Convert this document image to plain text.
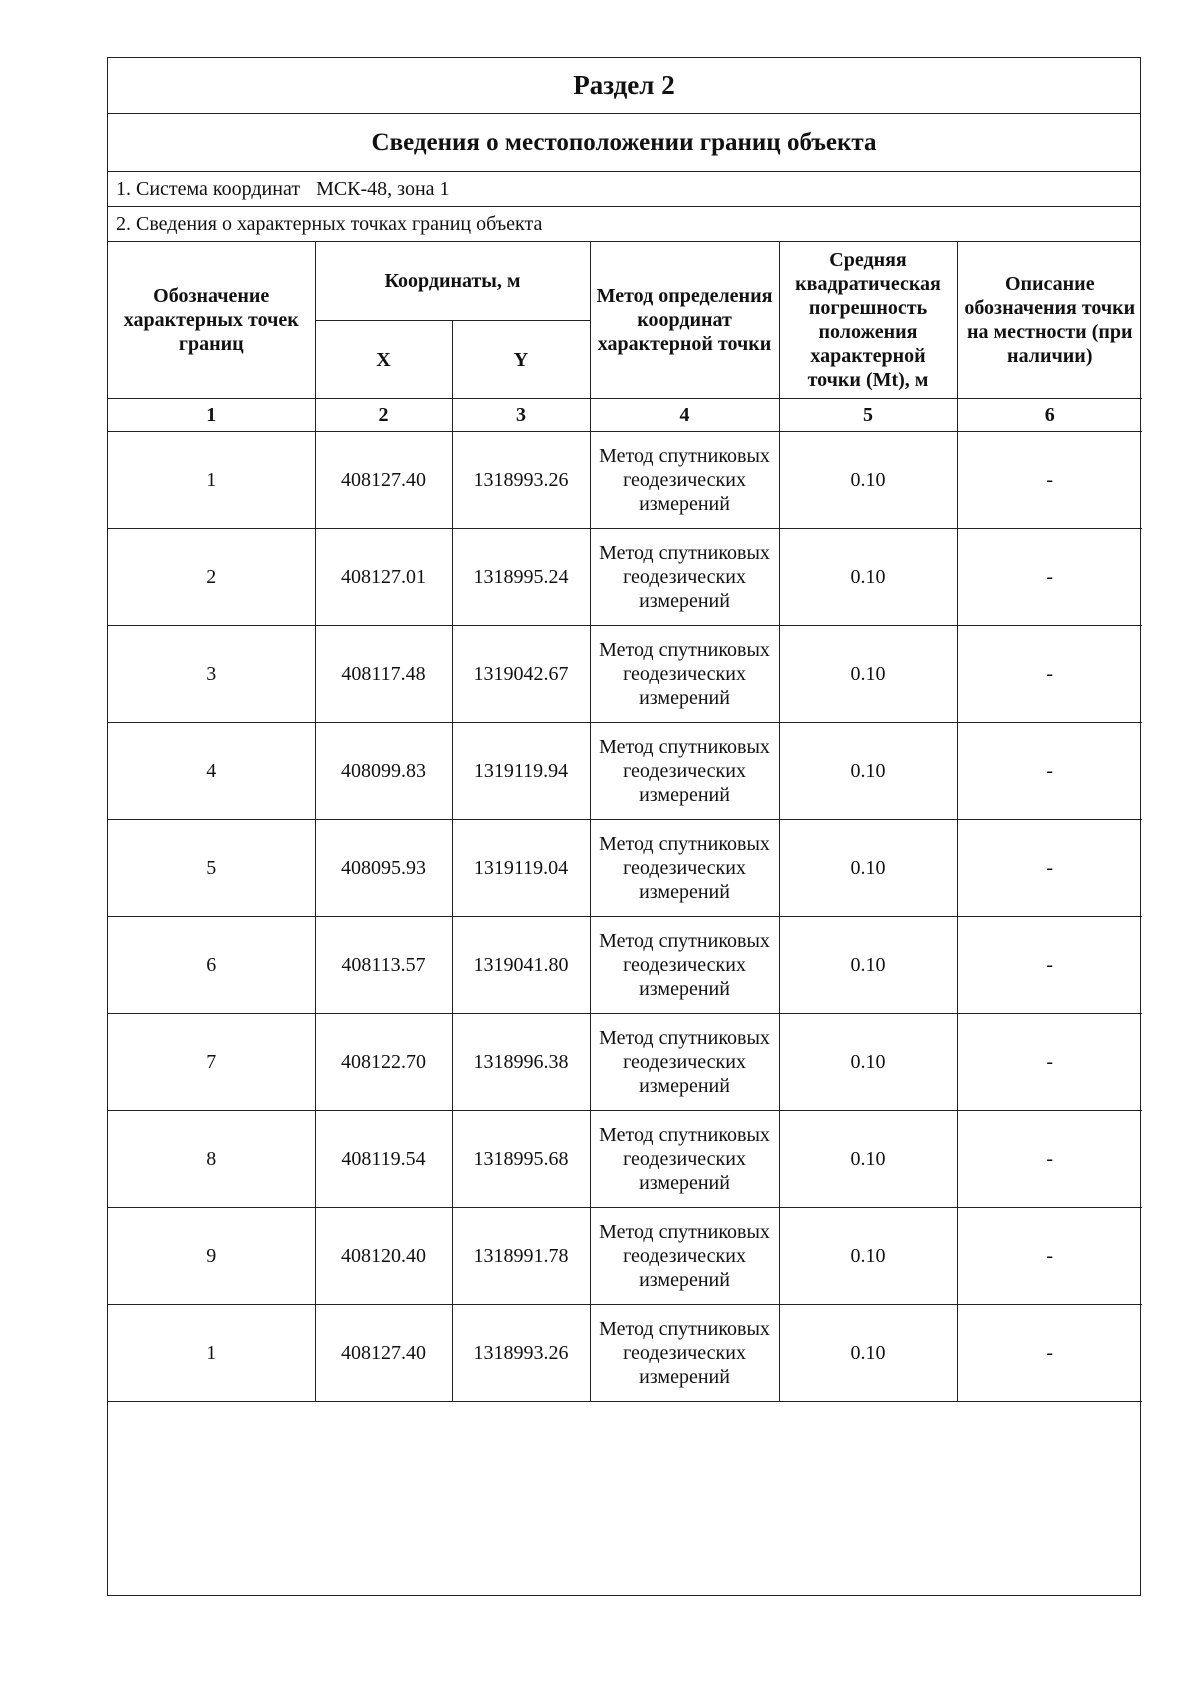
Раздел 2
Сведения о местоположении границ объекта
1. Система координат МСК-48, зона 1
2. Сведения о характерных точках границ объекта
Обозначение характерных точек границ	Координаты, м		Метод определения координат характерной точки	Средняя квадратическая погрешность положения характерной точки (Mt), м	Описание обозначения точки на местности (при наличии)
	X	Y			
1	2	3	4	5	6
1	408127.40	1318993.26	Метод спутниковых геодезических измерений	0.10	-
2	408127.01	1318995.24	Метод спутниковых геодезических измерений	0.10	-
3	408117.48	1319042.67	Метод спутниковых геодезических измерений	0.10	-
4	408099.83	1319119.94	Метод спутниковых геодезических измерений	0.10	-
5	408095.93	1319119.04	Метод спутниковых геодезических измерений	0.10	-
6	408113.57	1319041.80	Метод спутниковых геодезических измерений	0.10	-
7	408122.70	1318996.38	Метод спутниковых геодезических измерений	0.10	-
8	408119.54	1318995.68	Метод спутниковых геодезических измерений	0.10	-
9	408120.40	1318991.78	Метод спутниковых геодезических измерений	0.10	-
1	408127.40	1318993.26	Метод спутниковых геодезических измерений	0.10	-
